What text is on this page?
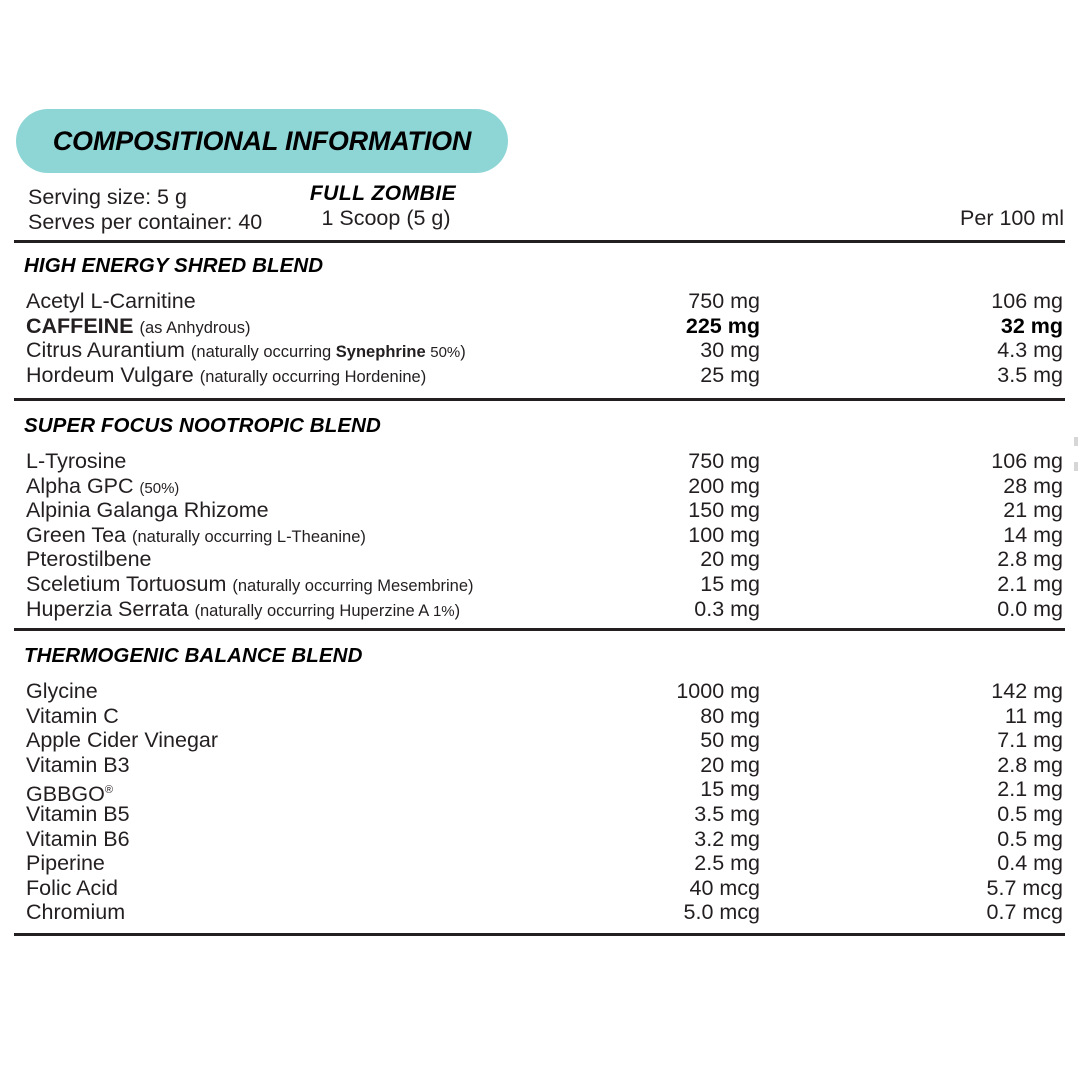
COMPOSITIONAL INFORMATION
Serving size: 5 g
Serves per container: 40
FULL ZOMBIE
1 Scoop (5 g)	Per 100 ml
HIGH ENERGY SHRED BLEND
Acetyl L-Carnitine	750 mg	106 mg
CAFFEINE (as Anhydrous)	225 mg	32 mg
Citrus Aurantium (naturally occurring Synephrine 50%)	30 mg	4.3 mg
Hordeum Vulgare (naturally occurring Hordenine)	25 mg	3.5 mg
SUPER FOCUS NOOTROPIC BLEND
L-Tyrosine	750 mg	106 mg
Alpha GPC (50%)	200 mg	28 mg
Alpinia Galanga Rhizome	150 mg	21 mg
Green Tea (naturally occurring L-Theanine)	100 mg	14 mg
Pterostilbene	20 mg	2.8 mg
Sceletium Tortuosum (naturally occurring Mesembrine)	15 mg	2.1 mg
Huperzia Serrata (naturally occurring Huperzine A 1%)	0.3 mg	0.0 mg
THERMOGENIC BALANCE BLEND
Glycine	1000 mg	142 mg
Vitamin C	80 mg	11 mg
Apple Cider Vinegar	50 mg	7.1 mg
Vitamin B3	20 mg	2.8 mg
GBBGO®	15 mg	2.1 mg
Vitamin B5	3.5 mg	0.5 mg
Vitamin B6	3.2 mg	0.5 mg
Piperine	2.5 mg	0.4 mg
Folic Acid	40 mcg	5.7 mcg
Chromium	5.0 mcg	0.7 mcg
